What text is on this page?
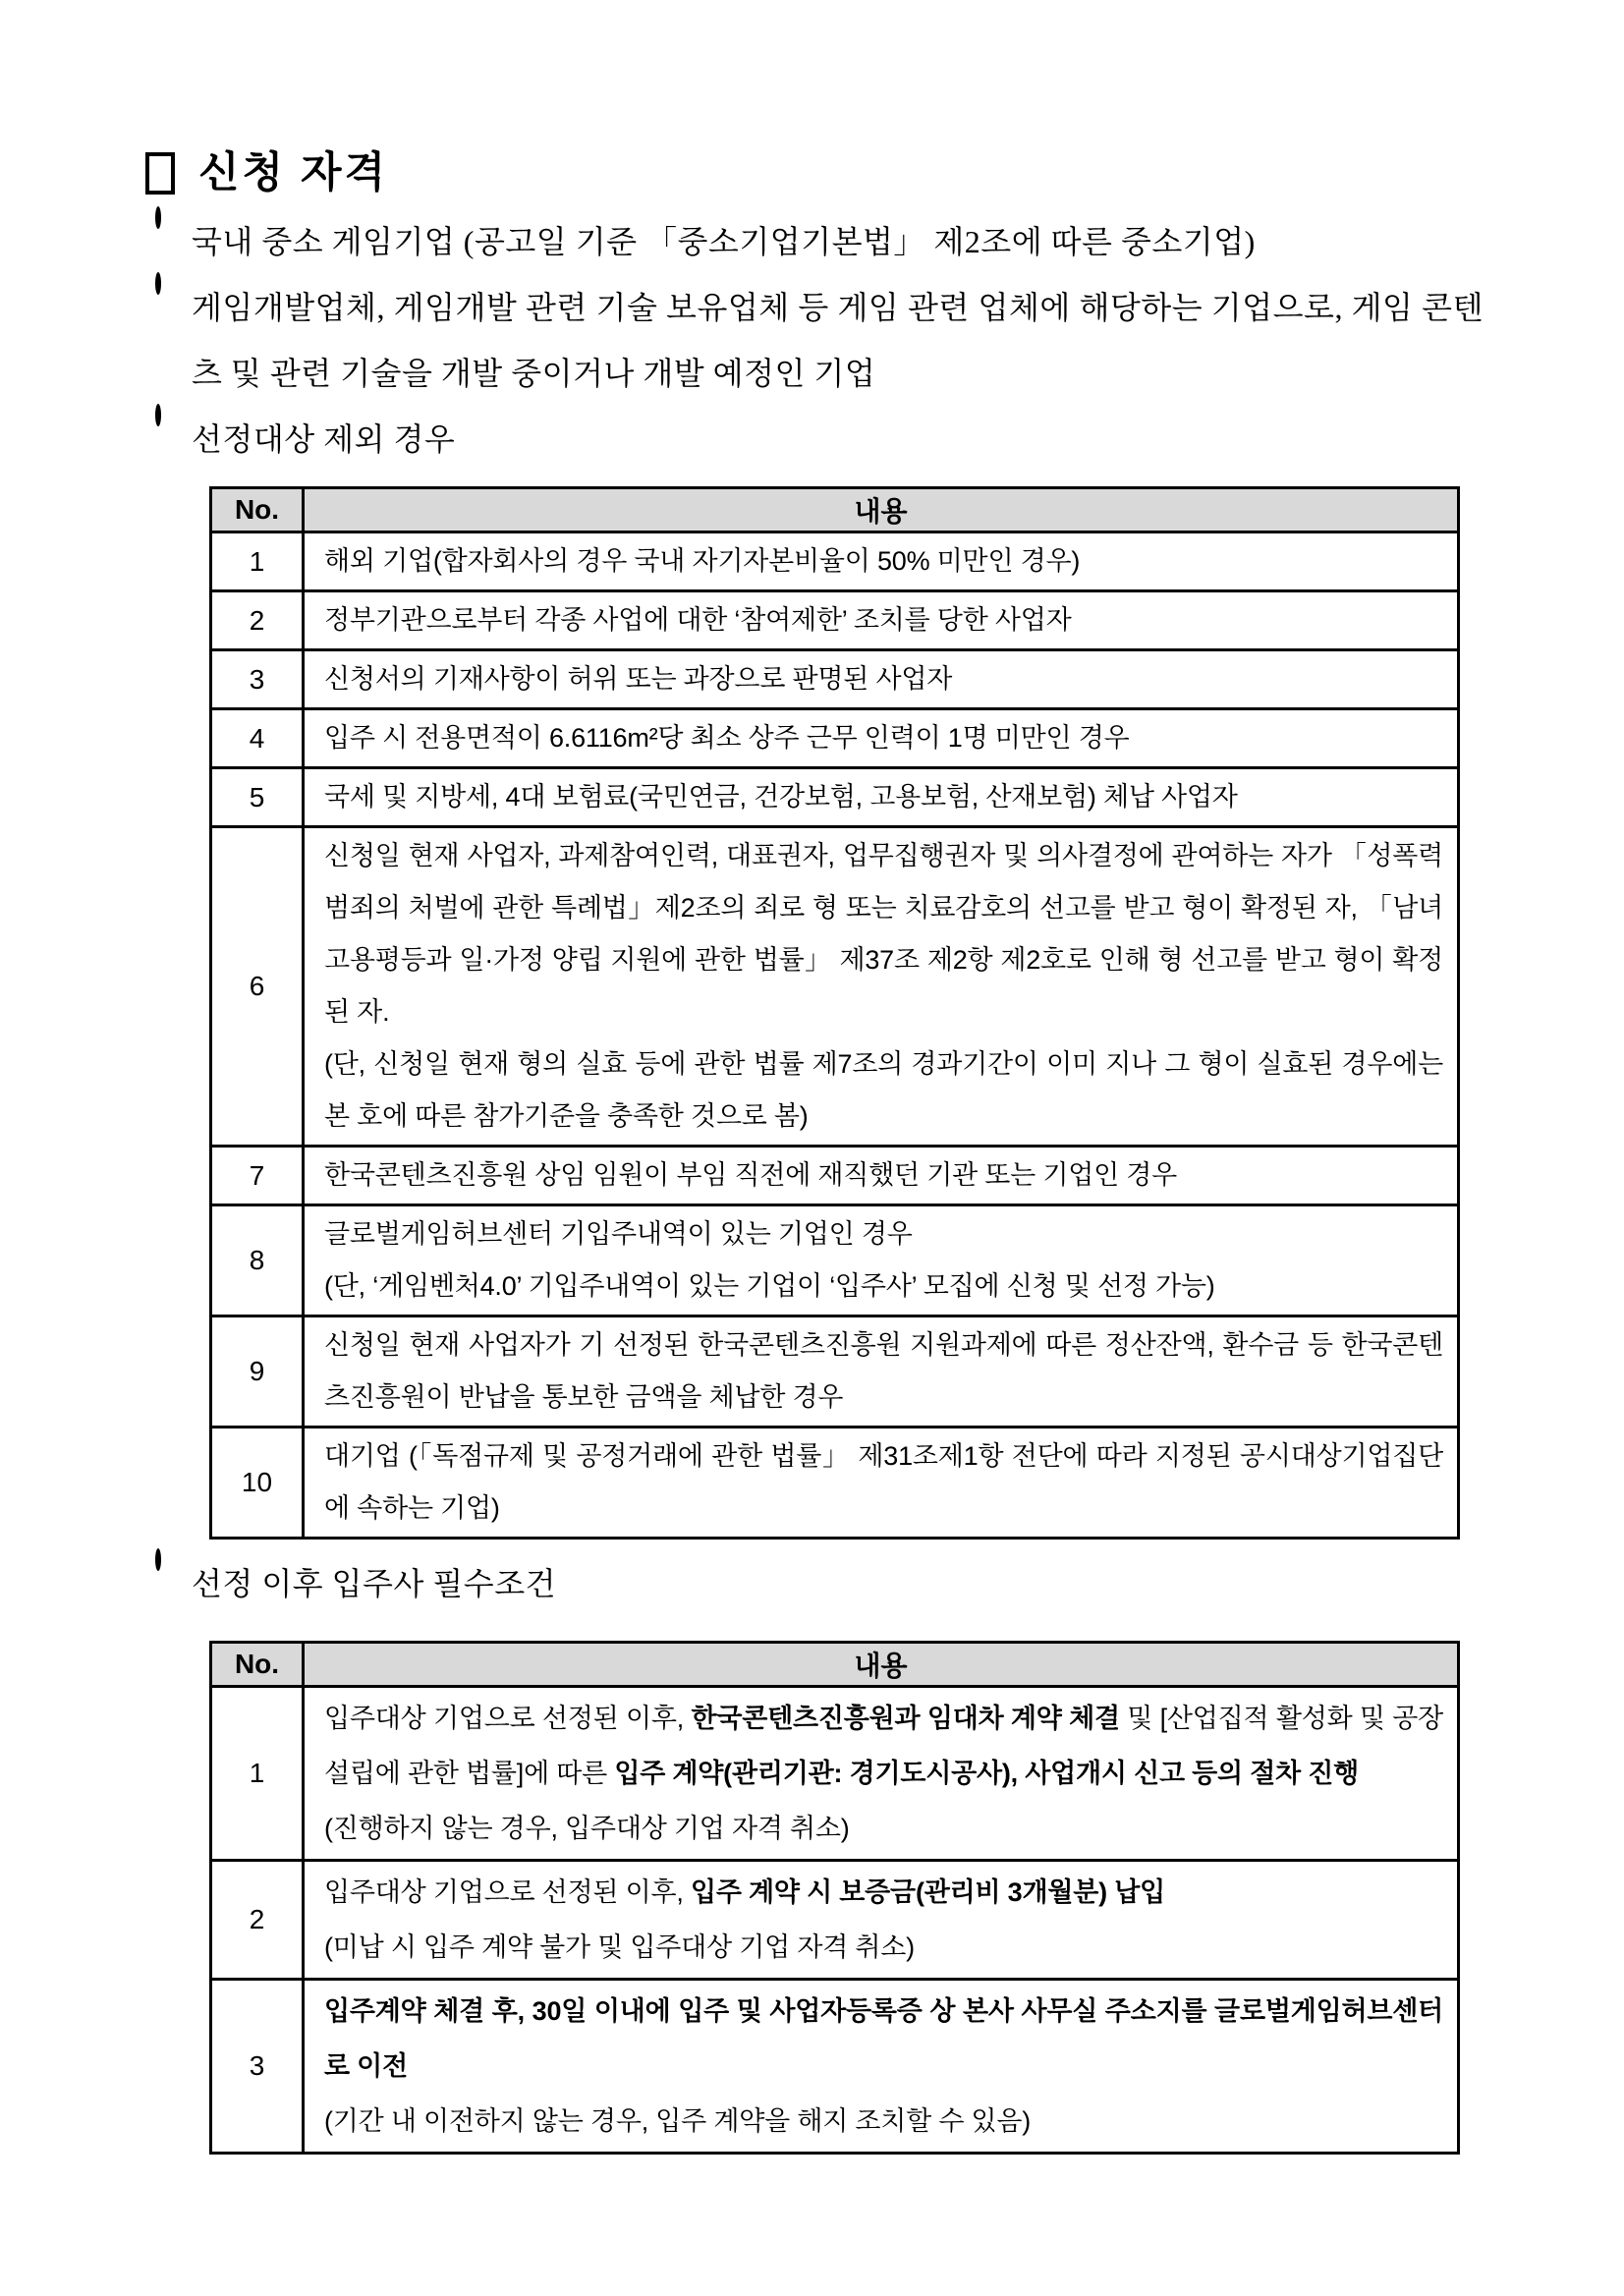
신청 자격
국내 중소 게임기업 (공고일 기준 「중소기업기본법」 제2조에 따른 중소기업)
게임개발업체, 게임개발 관련 기술 보유업체 등 게임 관련 업체에 해당하는 기업으로, 게임 콘텐츠 및 관련 기술을 개발 중이거나 개발 예정인 기업
선정대상 제외 경우
No.	내용
1	해외 기업(합자회사의 경우 국내 자기자본비율이 50% 미만인 경우)

2	정부기관으로부터 각종 사업에 대한 ‘참여제한’ 조치를 당한 사업자

3	신청서의 기재사항이 허위 또는 과장으로 판명된 사업자

4	입주 시 전용면적이 6.6116m²당 최소 상주 근무 인력이 1명 미만인 경우

5	국세 및 지방세, 4대 보험료(국민연금, 건강보험, 고용보험, 산재보험) 체납 사업자

6	신청일 현재 사업자, 과제참여인력, 대표권자, 업무집행권자 및 의사결정에 관여하는 자가 「성폭력범죄의 처벌에 관한 특례법」제2조의 죄로 형 또는 치료감호의 선고를 받고 형이 확정된 자, 「남녀고용평등과 일·가정 양립 지원에 관한 법률」 제37조 제2항 제2호로 인해 형 선고를 받고 형이 확정된 자.

(단, 신청일 현재 형의 실효 등에 관한 법률 제7조의 경과기간이 이미 지나 그 형이 실효된 경우에는 본 호에 따른 참가기준을 충족한 것으로 봄)

7	한국콘텐츠진흥원 상임 임원이 부임 직전에 재직했던 기관 또는 기업인 경우

8	글로벌게임허브센터 기입주내역이 있는 기업인 경우

(단, ‘게임벤처4.0’ 기입주내역이 있는 기업이 ‘입주사’ 모집에 신청 및 선정 가능)

9	신청일 현재 사업자가 기 선정된 한국콘텐츠진흥원 지원과제에 따른 정산잔액, 환수금 등 한국콘텐츠진흥원이 반납을 통보한 금액을 체납한 경우

10	대기업 (「독점규제 및 공정거래에 관한 법률」 제31조제1항 전단에 따라 지정된 공시대상기업집단에 속하는 기업)

선정 이후 입주사 필수조건
No.	내용
1	입주대상 기업으로 선정된 이후, 한국콘텐츠진흥원과 임대차 계약 체결 및 [산업집적 활성화 및 공장설립에 관한 법률]에 따른 입주 계약(관리기관: 경기도시공사), 사업개시 신고 등의 절차 진행

(진행하지 않는 경우, 입주대상 기업 자격 취소)

2	입주대상 기업으로 선정된 이후, 입주 계약 시 보증금(관리비 3개월분) 납입

(미납 시 입주 계약 불가 및 입주대상 기업 자격 취소)

3	입주계약 체결 후, 30일 이내에 입주 및 사업자등록증 상 본사 사무실 주소지를 글로벌게임허브센터로 이전

(기간 내 이전하지 않는 경우, 입주 계약을 해지 조치할 수 있음)
